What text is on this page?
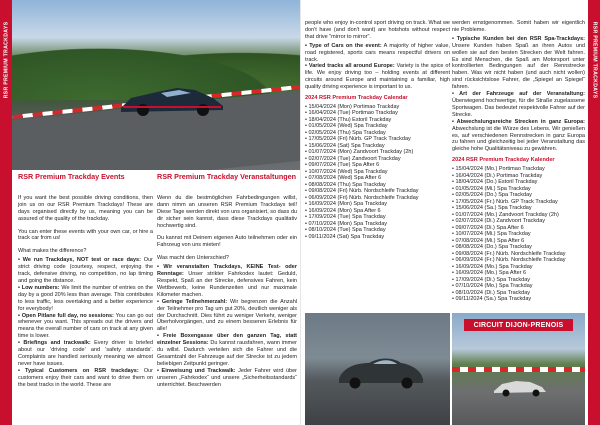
RSR PREMIUM TRACKDAYS	RSR PREMIUM TRACKDAYS
RSR Premium Trackday Events

If you want the best possible driving conditions, then join us on our RSR Premium Trackdays! These are days organised directly by us, meaning you can be assured of the quality of the trackday.

You can enter these events with your own car, or hire a track car from us!

What makes the difference?

• We run Trackdays, NOT test or race days: Our strict driving code (courtesy, respect, enjoying the track, defensive driving, no competition, no lap timing and going the distance.
• Low numbers: We limit the number of entries on the day by a good 20% less than average. This contributes to less traffic, less overtaking and a better experience for everybody!
• Open Pitlane full day, no sessions: You can go out whenever you want. This spreads out the drivers and means the overall number of cars on track at any given time is lower.
• Briefings and trackwalk: Every driver is briefed about our 'driving code' and 'safety standards'. Complaints are handled seriously meaning we almost never have issues.
• Typical Customers on RSR trackdays: Our customers enjoy their cars and want to drive them on the best tracks in the world. These are
RSR Premium Trackday Veranstaltungen

Wenn du die bestmöglichen Fahrbedingungen willst, dann nimm an unseren RSR Premium Trackdays teil! Diese Tage werden direkt von uns organisiert, so dass du dir sicher sein kannst, dass diese Trackdays qualitativ hochwertig sind.

Du kannst mit Deinem eigenen Auto teilnehmen oder ein Fahrzeug von uns mieten!

Was macht den Unterschied?

• Wir veranstalten Trackdays, KEINE Test- oder Renntage: Unser strikter Fahrkodex lautet: Geduld, Respekt, Spaß an der Strecke, defensives Fahren, kein Wettbewerb, keine Rundenzeiten und nur maximale Kilometer machen.
• Geringe Teilnehmerzahl: Wir begrenzen die Anzahl der Teilnehmer pro Tag um gut 20%, deutlich weniger als der Durchschnitt. Dies führt zu weniger Verkehr, weniger Überholvorgängen, und zu einem besseren Erlebnis für alle!
• Freie Boxengasse über den ganzen Tag, statt einzelner Sessions: Du kannst rausfahren, wann immer du willst. Dadurch verteilen sich die Fahrer und die Gesamtzahl der Fahrzeuge auf der Strecke ist zu jedem beliebigen Zeitpunkt geringer.
• Einweisung und Trackwalk: Jeder Fahrer wird über unseren „Fahrkodex“ und unsere „Sicherheitsstandards“ unterrichtet. Beschwerden

people who enjoy in-control sport driving on track. What we don't have (and don't want) are hotshots without respect that drive "mirror to mirror".

• Type of Cars on the event: A majority of higher value, road registered, sports cars means respectful drivers on track.
• Varied tracks all around Europe: Variety is the spice of life. We enjoy driving too – holding events at different circuits around Europe and maintaining a familiar, high quality driving experience is important to us.
2024 RSR Premium Trackday Calendar
• 15/04/2024 (Mon) Portimao Trackday
• 16/04/2024 (Tue) Portimao Trackday
• 18/04/2024 (Thu) Estoril Trackday
• 01/05/2024 (Wed) Spa Trackday
• 02/05/2024 (Thu) Spa Trackday
• 17/05/2024 (Fri) Nürb. GP Track Trackday
• 15/06/2024 (Sat) Spa Trackday
• 01/07/2024 (Mon) Zandvoort Trackday (2h)
• 02/07/2024 (Tue) Zandvoort Trackday
• 09/07/2024 (Tue) Spa After 6
• 10/07/2024 (Wed) Spa Trackday
• 07/08/2024 (Wed) Spa After 6
• 08/08/2024 (Thu) Spa Trackday
• 09/08/2024 (Fri) Nürb. Nordschleife Trackday
• 06/09/2024 (Fri) Nürb. Nordschleife Trackday
• 16/09/2024 (Mon) Spa Trackday
• 16/09/2024 (Mon) Spa After 6
• 17/09/2024 (Tue) Spa Trackday
• 07/10/2024 (Mon) Spa Trackday
• 08/10/2024 (Tue) Spa Trackday
• 09/11/2024 (Sat) Spa Trackday

werden ernstgenommen. Somit haben wir eigentlich nie Probleme.

• Typische Kunden bei den RSR Spa-Trackdays: Unsere Kunden haben Spaß an ihren Autos und wollen sie auf den besten Strecken der Welt fahren. Es sind Menschen, die Spaß am Motorsport unter kontrollierten Bedingungen auf der Rennstrecke haben. Was wir nicht haben (und auch nicht wollen) sind rücksichtslose Fahrer, die „Spiegel an Spiegel“ fahren.
• Art der Fahrzeuge auf der Veranstaltung: Überwiegend hochwertige, für die Straße zugelassene Sportwagen. Das bedeutet respektvolle Fahrer auf der Strecke.
• Abwechslungsreiche Strecken in ganz Europa: Abwechslung ist die Würze des Lebens. Wir genießen es, auf verschiedenen Rennstrecken in ganz Europa zu fahren und gleichzeitig bei jeder Veranstaltung das gleiche hohe Qualitätsniveau zu gewähren.
2024 RSR Premium Trackday Kalender
• 15/04/2024 (Mo.) Portimao Trackday
• 16/04/2024 (Di.) Portimao Trackday
• 18/04/2024 (Do.) Estoril Trackday
• 01/05/2024 (Mi.) Spa Trackday
• 02/05/2024 (Do.) Spa Trackday
• 17/05/2024 (Fr.) Nürb. GP Track Trackday
• 15/06/2024 (Sa.) Spa Trackday
• 01/07/2024 (Mo.) Zandvoort Trackday (2h)
• 02/07/2024 (Di.) Zandvoort Trackday
• 09/07/2024 (Di.) Spa After 6
• 10/07/2024 (Mi.) Spa Trackday
• 07/08/2024 (Mi.) Spa After 6
• 08/08/2024 (Do.) Spa Trackday
• 09/08/2024 (Fr.) Nürb. Nordschleife Trackday
• 06/09/2024 (Fr.) Nürb. Nordschleife Trackday
• 16/09/2024 (Mo.) Spa Trackday
• 16/09/2024 (Mo.) Spa After 6
• 17/09/2024 (Di.) Spa Trackday
• 07/10/2024 (Mo.) Spa Trackday
• 08/10/2024 (Di.) Spa Trackday
• 09/11/2024 (Sa.) Spa Trackday
CIRCUIT DIJON-PRENOIS
